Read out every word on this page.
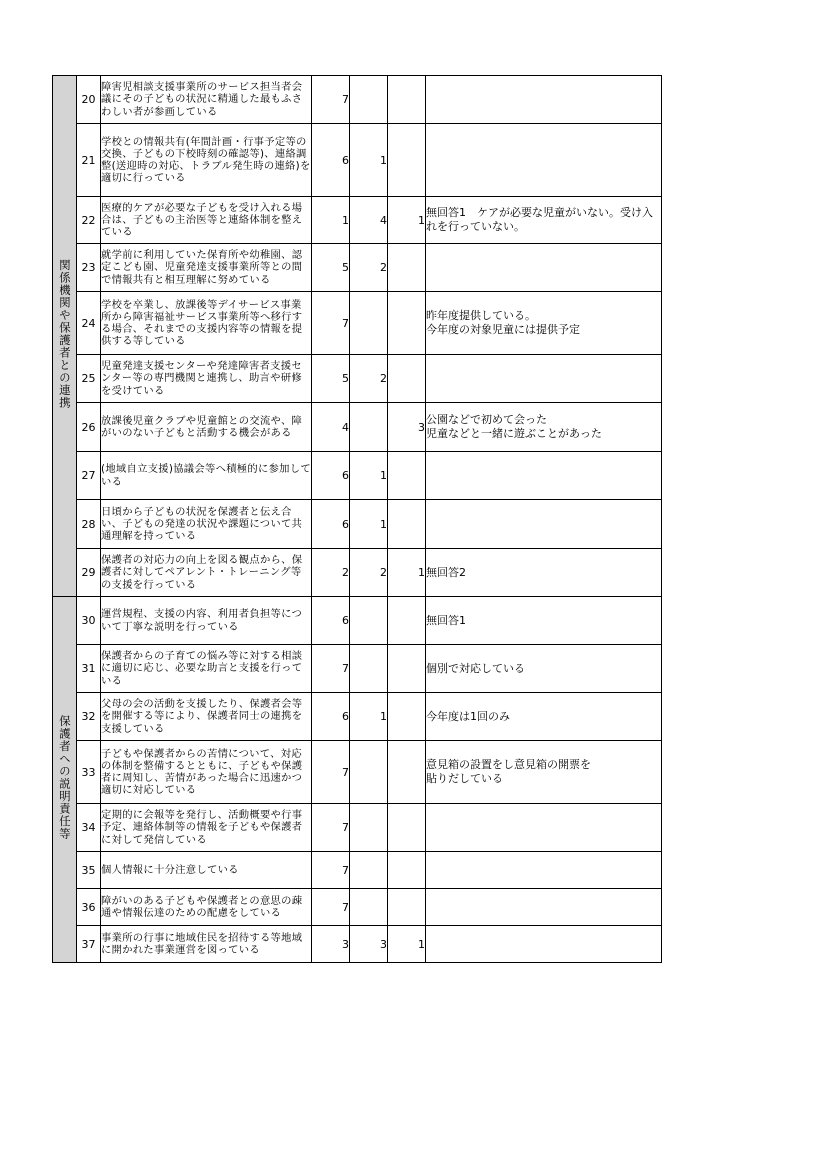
関係機関や保護者との連携	20	障害児相談支援事業所のサービス担当者会議にその子どもの状況に精通した最もふさわしい者が参画している	7			
	21	学校との情報共有(年間計画・行事予定等の交換、子どもの下校時刻の確認等)、連絡調整(送迎時の対応、トラブル発生時の連絡)を適切に行っている	6	1		
	22	医療的ケアが必要な子どもを受け入れる場合は、子どもの主治医等と連絡体制を整えている	1	4	1	無回答1　ケアが必要な児童がいない。受け入れを行っていない。
	23	就学前に利用していた保育所や幼稚園、認定こども園、児童発達支援事業所等との間で情報共有と相互理解に努めている	5	2		
	24	学校を卒業し、放課後等デイサービス事業所から障害福祉サービス事業所等へ移行する場合、それまでの支援内容等の情報を提供する等している	7			昨年度提供している。
今年度の対象児童には提供予定
	25	児童発達支援センターや発達障害者支援センター等の専門機関と連携し、助言や研修を受けている	5	2		
	26	放課後児童クラブや児童館との交流や、障がいのない子どもと活動する機会がある	4		3	公園などで初めて会った
児童などと一緒に遊ぶことがあった
	27	(地域自立支援)協議会等へ積極的に参加している	6	1		
	28	日頃から子どもの状況を保護者と伝え合い、子どもの発達の状況や課題について共通理解を持っている	6	1		
	29	保護者の対応力の向上を図る観点から、保護者に対してペアレント・トレーニング等の支援を行っている	2	2	1	無回答2
保護者への説明責任等	30	運営規程、支援の内容、利用者負担等について丁寧な説明を行っている	6			無回答1
	31	保護者からの子育ての悩み等に対する相談に適切に応じ、必要な助言と支援を行っている	7			個別で対応している
	32	父母の会の活動を支援したり、保護者会等を開催する等により、保護者同士の連携を支援している	6	1		今年度は1回のみ
	33	子どもや保護者からの苦情について、対応の体制を整備するとともに、子どもや保護者に周知し、苦情があった場合に迅速かつ適切に対応している	7			意見箱の設置をし意見箱の開票を
貼りだしている
	34	定期的に会報等を発行し、活動概要や行事予定、連絡体制等の情報を子どもや保護者に対して発信している	7			
	35	個人情報に十分注意している	7			
	36	障がいのある子どもや保護者との意思の疎通や情報伝達のための配慮をしている	7			
	37	事業所の行事に地域住民を招待する等地域に開かれた事業運営を図っている	3	3	1	
